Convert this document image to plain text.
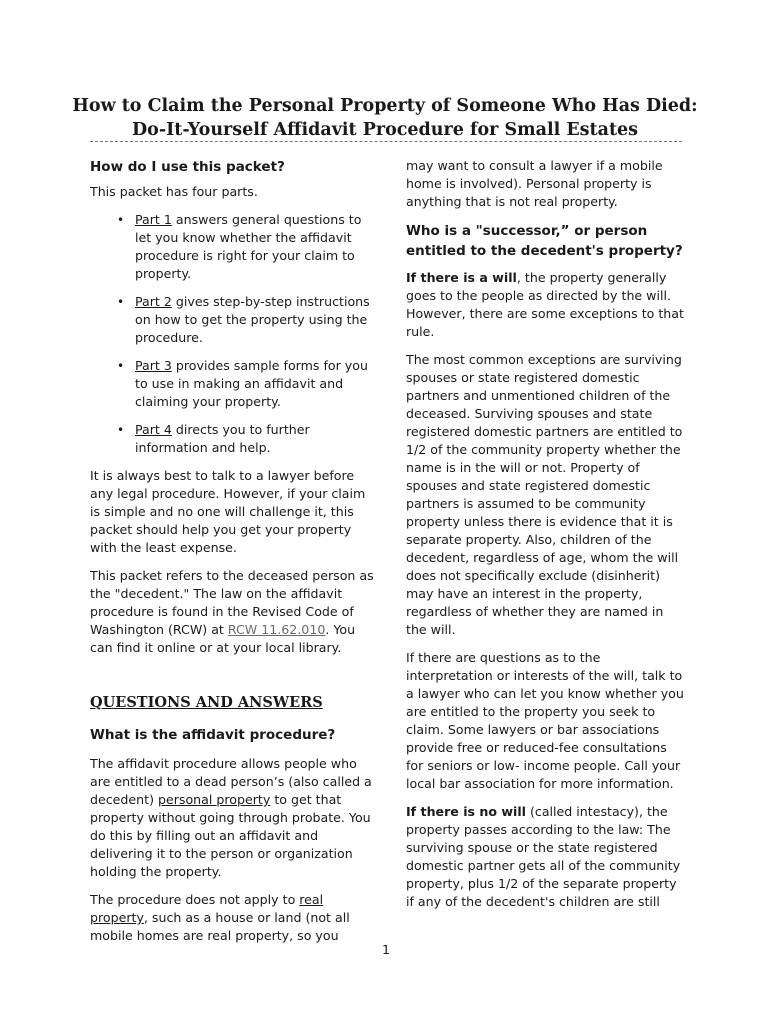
How to Claim the Personal Property of Someone Who Has Died:
Do-It-Yourself Affidavit Procedure for Small Estates
How do I use this packet?

This packet has four parts.

• Part 1 answers general questions to let you know whether the affidavit procedure is right for your claim to property.
• Part 2 gives step-by-step instructions on how to get the property using the procedure.
• Part 3 provides sample forms for you to use in making an affidavit and claiming your property.
• Part 4 directs you to further information and help.

It is always best to talk to a lawyer before any legal procedure. However, if your claim is simple and no one will challenge it, this packet should help you get your property with the least expense.

This packet refers to the deceased person as the "decedent." The law on the affidavit procedure is found in the Revised Code of Washington (RCW) at RCW 11.62.010. You can find it online or at your local library.

QUESTIONS AND ANSWERS
What is the affidavit procedure?

The affidavit procedure allows people who are entitled to a dead person’s (also called a decedent) personal property to get that property without going through probate. You do this by filling out an affidavit and delivering it to the person or organization holding the property.

The procedure does not apply to real property, such as a house or land (not all mobile homes are real property, so you

may want to consult a lawyer if a mobile home is involved). Personal property is anything that is not real property.

Who is a "successor,” or person entitled to the decedent's property?

If there is a will, the property generally goes to the people as directed by the will. However, there are some exceptions to that rule.

The most common exceptions are surviving spouses or state registered domestic partners and unmentioned children of the deceased. Surviving spouses and state registered domestic partners are entitled to 1/2 of the community property whether the name is in the will or not. Property of spouses and state registered domestic partners is assumed to be community property unless there is evidence that it is separate property. Also, children of the decedent, regardless of age, whom the will does not specifically exclude (disinherit) may have an interest in the property, regardless of whether they are named in the will.

If there are questions as to the interpretation or interests of the will, talk to a lawyer who can let you know whether you are entitled to the property you seek to claim. Some lawyers or bar associations provide free or reduced-fee consultations for seniors or low- income people. Call your local bar association for more information.

If there is no will (called intestacy), the property passes according to the law: The surviving spouse or the state registered domestic partner gets all of the community property, plus 1/2 of the separate property if any of the decedent's children are still

1
